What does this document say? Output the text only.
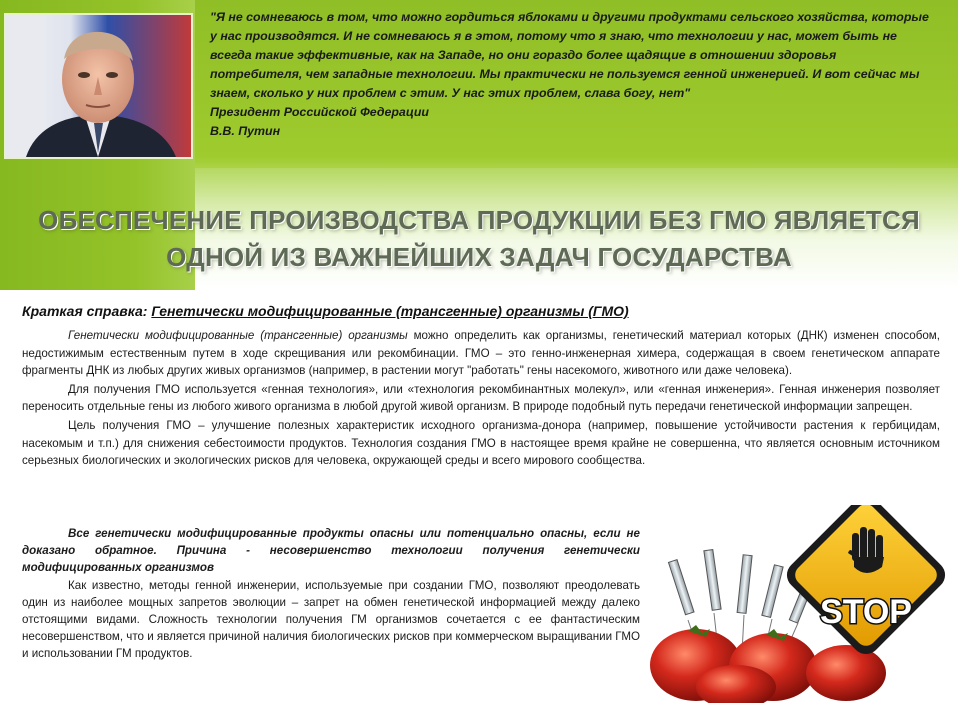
"Я не сомневаюсь в том, что можно гордиться яблоками и другими продуктами сельского хозяйства, которые у нас производятся. И не сомневаюсь я в этом, потому что я знаю, что технологии у нас, может быть не всегда такие эффективные, как на Западе, но они гораздо более щадящие в отношении здоровья потребителя, чем западные технологии. Мы практически не пользуемся генной инженерией. И вот сейчас мы знаем, сколько у них проблем с этим. У нас этих проблем, слава богу, нет"
Президент Российской Федерации
В.В. Путин
ОБЕСПЕЧЕНИЕ ПРОИЗВОДСТВА ПРОДУКЦИИ БЕЗ ГМО ЯВЛЯЕТСЯ
ОДНОЙ ИЗ ВАЖНЕЙШИХ ЗАДАЧ ГОСУДАРСТВА
Краткая справка: Генетически модифицированные (трансгенные) организмы (ГМО)

Генетически модифицированные (трансгенные) организмы можно определить как организмы, генетический материал которых (ДНК) изменен способом, недостижимым естественным путем в ходе скрещивания или рекомбинации. ГМО – это генно-инженерная химера, содержащая в своем генетическом аппарате фрагменты ДНК из любых других живых организмов (например, в растении могут "работать" гены насекомого, животного или даже человека).

Для получения ГМО используется «генная технология», или «технология рекомбинантных молекул», или «генная инженерия». Генная инженерия позволяет переносить отдельные гены из любого живого организма в любой другой живой организм. В природе подобный путь передачи генетической информации запрещен.

Цель получения ГМО – улучшение полезных характеристик исходного организма-донора (например, повышение устойчивости растения к гербицидам, насекомым и т.п.) для снижения себестоимости продуктов. Технология создания ГМО в настоящее время крайне не совершенна, что является основным источником серьезных биологических и экологических рисков для человека, окружающей среды и всего мирового сообщества.

Все генетически модифицированные продукты опасны или потенциально опасны, если не доказано обратное. Причина - несовершенство технологии получения генетически модифицированных организмов

Как известно, методы генной инженерии, используемые при создании ГМО, позволяют преодолевать один из наиболее мощных запретов эволюции – запрет на обмен генетической информацией между далеко отстоящими видами. Сложность технологии получения ГМ организмов сочетается с ее фантастическим несовершенством, что и является причиной наличия биологических рисков при коммерческом выращивании ГМО и использовании ГМ продуктов.

STOP
